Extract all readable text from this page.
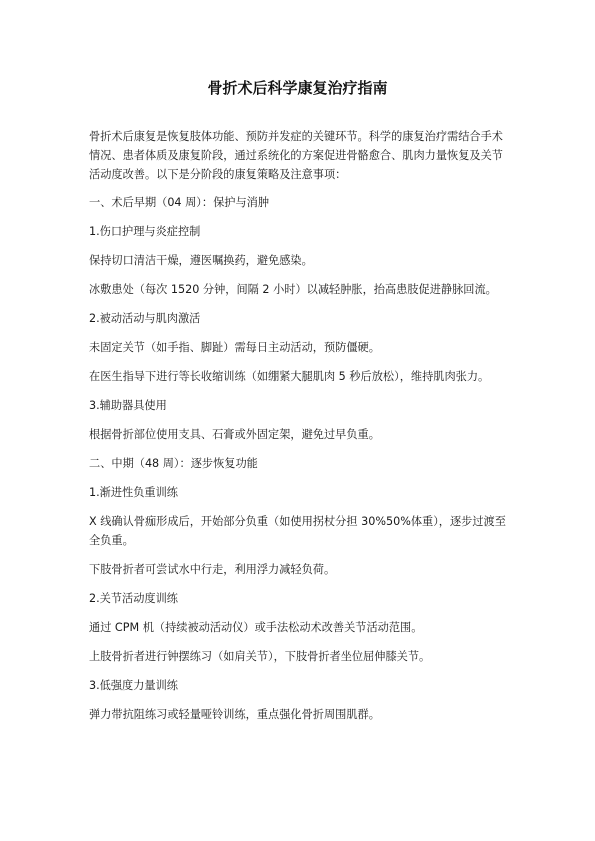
骨折术后科学康复治疗指南

骨折术后康复是恢复肢体功能、预防并发症的关键环节。科学的康复治疗需结合手术情况、患者体质及康复阶段，通过系统化的方案促进骨骼愈合、肌肉力量恢复及关节活动度改善。以下是分阶段的康复策略及注意事项：

一、术后早期（04 周）：保护与消肿

1.伤口护理与炎症控制

保持切口清洁干燥，遵医嘱换药，避免感染。

冰敷患处（每次 1520 分钟，间隔 2 小时）以减轻肿胀，抬高患肢促进静脉回流。

2.被动活动与肌肉激活

未固定关节（如手指、脚趾）需每日主动活动，预防僵硬。

在医生指导下进行等长收缩训练（如绷紧大腿肌肉 5 秒后放松），维持肌肉张力。

3.辅助器具使用

根据骨折部位使用支具、石膏或外固定架，避免过早负重。

二、中期（48 周）：逐步恢复功能

1.渐进性负重训练

X 线确认骨痂形成后，开始部分负重（如使用拐杖分担 30%50%体重），逐步过渡至全负重。

下肢骨折者可尝试水中行走，利用浮力减轻负荷。

2.关节活动度训练

通过 CPM 机（持续被动活动仪）或手法松动术改善关节活动范围。

上肢骨折者进行钟摆练习（如肩关节），下肢骨折者坐位屈伸膝关节。

3.低强度力量训练

弹力带抗阻练习或轻量哑铃训练，重点强化骨折周围肌群。
